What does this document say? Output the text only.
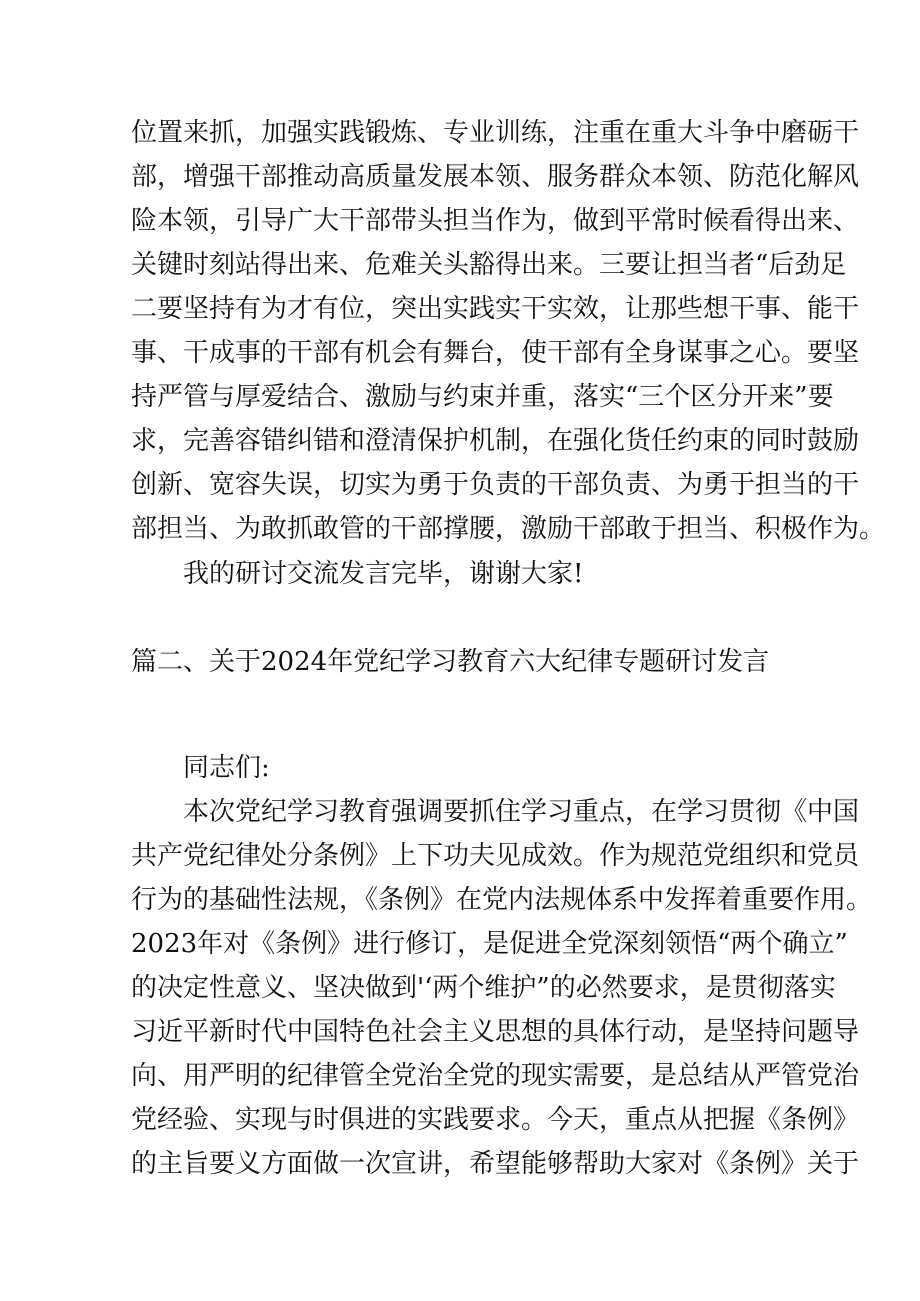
位置来抓，加强实践锻炼、专业训练，注重在重大斗争中磨砺干
部，增强干部推动高质量发展本领、服务群众本领、防范化解风
险本领，引导广大干部带头担当作为，做到平常时候看得出来、
关键时刻站得出来、危难关头豁得出来。三要让担当者“后劲足
二要坚持有为才有位，突出实践实干实效，让那些想干事、能干
事、干成事的干部有机会有舞台，使干部有全身谋事之心。要坚
持严管与厚爱结合、激励与约束并重，落实“三个区分开来”要
求，完善容错纠错和澄清保护机制，在强化货任约束的同时鼓励
创新、宽容失误，切实为勇于负责的干部负责、为勇于担当的干
部担当、为敢抓敢管的干部撑腰，激励干部敢于担当、积极作为。
我的研讨交流发言完毕，谢谢大家!
篇二、关于2024年党纪学习教育六大纪律专题研讨发言
同志们:
本次党纪学习教育强调要抓住学习重点，在学习贯彻《中国
共产党纪律处分条例》上下功夫见成效。作为规范党组织和党员
行为的基础性法规，《条例》在党内法规体系中发挥着重要作用。
2023年对《条例》进行修订，是促进全党深刻领悟“两个确立”
的决定性意义、坚决做到'‘两个维护”的必然要求，是贯彻落实
习近平新时代中国特色社会主义思想的具体行动，是坚持问题导
向、用严明的纪律管全党治全党的现实需要，是总结从严管党治
党经验、实现与时俱进的实践要求。今天，重点从把握《条例》
的主旨要义方面做一次宣讲，希望能够帮助大家对《条例》关于
